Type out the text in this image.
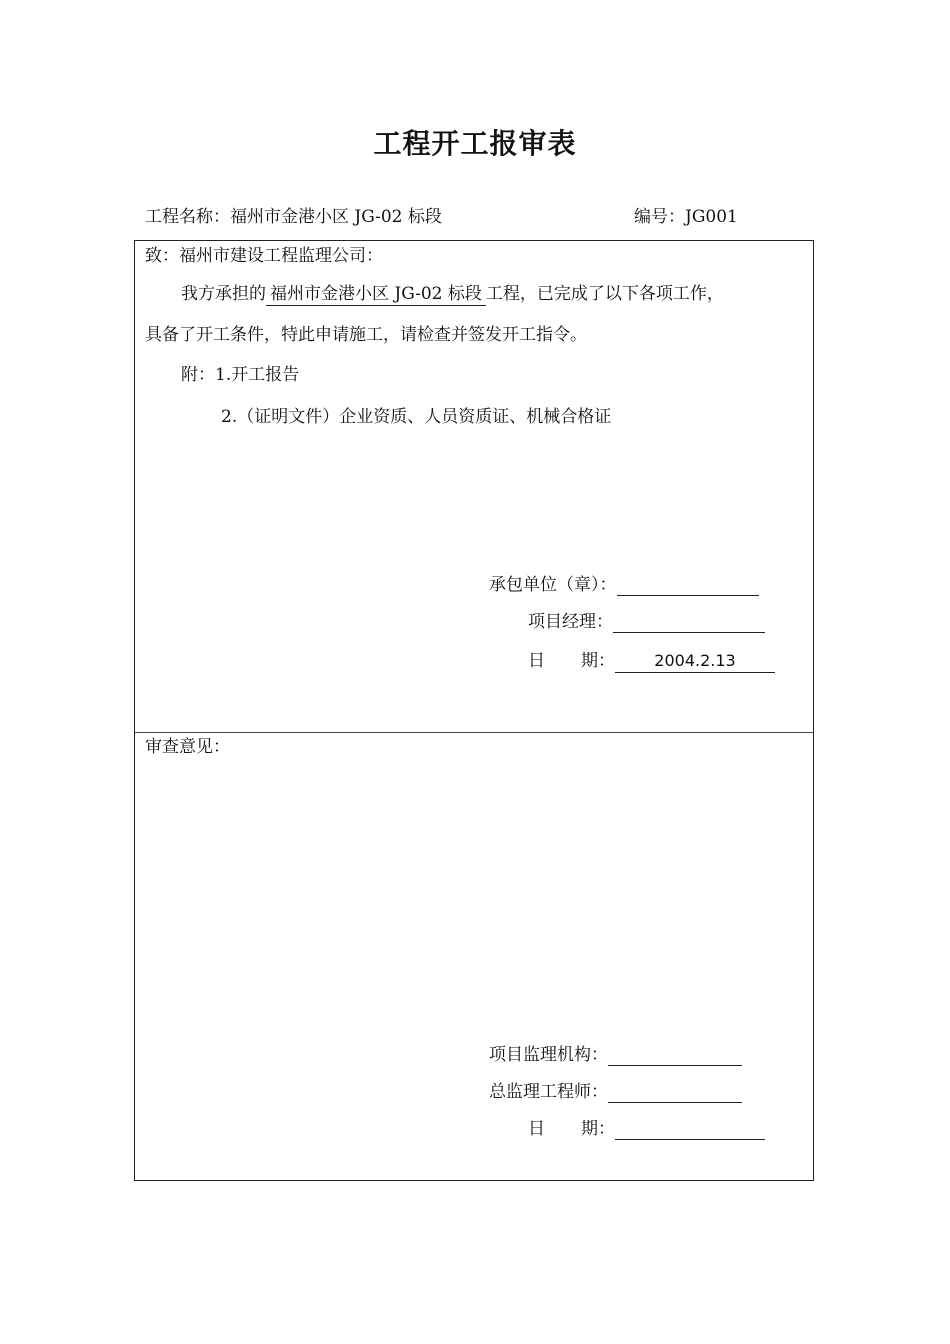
工程开工报审表
工程名称：福州市金港小区 JG-02 标段	编号：JG001
致：福州市建设工程监理公司：
我方承担的 福州市金港小区 JG-02 标段 工程，已完成了以下各项工作，
具备了开工条件，特此申请施工，请检查并签发开工指令。
附：1.开工报告
2.（证明文件）企业资质、人员资质证、机械合格证
承包单位（章）：
项目经理：
日 期： 2004.2.13
审查意见：
项目监理机构：
总监理工程师：
日 期：
